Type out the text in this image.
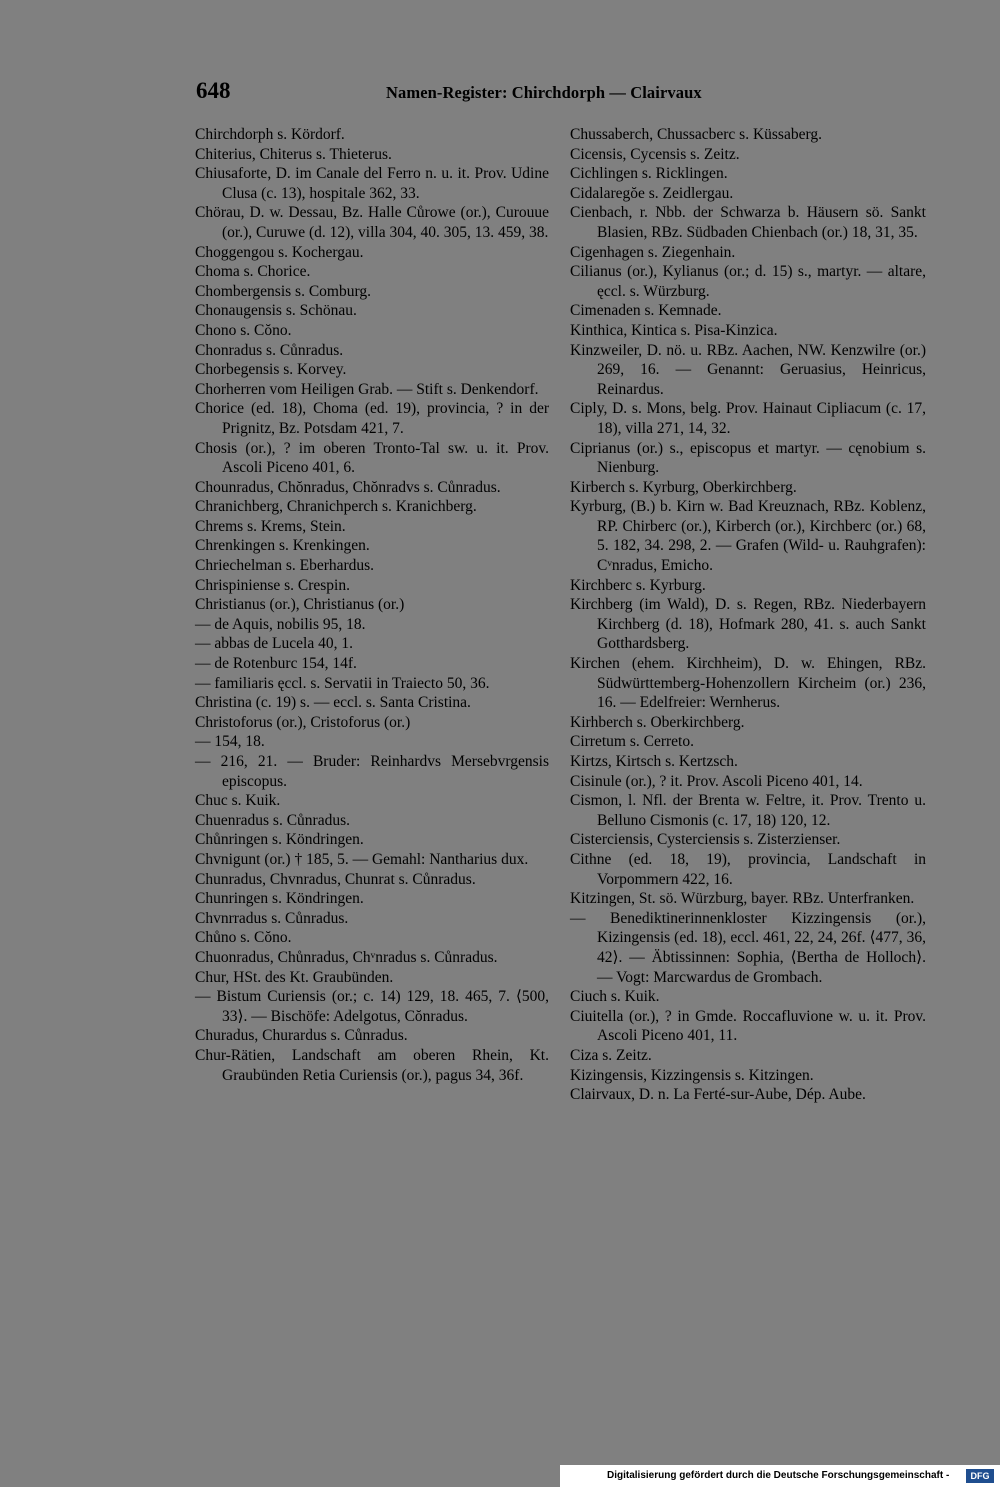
648	Namen-Register: Chirchdorph — Clairvaux
Chirchdorph s. Kördorf.
Chiterius, Chiterus s. Thieterus.
Chiusaforte, D. im Canale del Ferro n. u. it. Prov. Udine Clusa (c. 13), hospitale 362, 33.
Chörau, D. w. Dessau, Bz. Halle Cůrowe (or.), Curouue (or.), Curuwe (d. 12), villa 304, 40. 305, 13. 459, 38.
Choggengou s. Kochergau.
Choma s. Chorice.
Chombergensis s. Comburg.
Chonaugensis s. Schönau.
Chono s. Cŏno.
Chonradus s. Cůnradus.
Chorbegensis s. Korvey.
Chorherren vom Heiligen Grab. — Stift s. Denkendorf.
Chorice (ed. 18), Choma (ed. 19), provincia, ? in der Prignitz, Bz. Potsdam 421, 7.
Chosis (or.), ? im oberen Tronto-Tal sw. u. it. Prov. Ascoli Piceno 401, 6.
Chounradus, Chŏnradus, Chŏnradvs s. Cůnradus.
Chranichberg, Chranichperch s. Kranichberg.
Chrems s. Krems, Stein.
Chrenkingen s. Krenkingen.
Chriechelman s. Eberhardus.
Chrispiniense s. Crespin.
Christianus (or.), Christianus (or.)
— de Aquis, nobilis 95, 18.
— abbas de Lucela 40, 1.
— de Rotenburc 154, 14f.
— familiaris ęccl. s. Servatii in Traiecto 50, 36.
Christina (c. 19) s. — eccl. s. Santa Cristina.
Christoforus (or.), Cristoforus (or.)
— 154, 18.
— 216, 21. — Bruder: Reinhardvs Mersebvrgensis episcopus.
Chuc s. Kuik.
Chuenradus s. Cůnradus.
Chůnringen s. Köndringen.
Chvnigunt (or.) † 185, 5. — Gemahl: Nantharius dux.
Chunradus, Chvnradus, Chunrat s. Cůnradus.
Chunringen s. Köndringen.
Chvnrradus s. Cůnradus.
Chůno s. Cŏno.
Chuonradus, Chůnradus, Chᵛnradus s. Cůnradus.
Chur, HSt. des Kt. Graubünden.
— Bistum Curiensis (or.; c. 14) 129, 18. 465, 7. ⟨500, 33⟩. — Bischöfe: Adelgotus, Cŏnradus.
Churadus, Churardus s. Cůnradus.
Chur-Rätien, Landschaft am oberen Rhein, Kt. Graubünden Retia Curiensis (or.), pagus 34, 36f.
Chussaberch, Chussacberc s. Küssaberg.
Cicensis, Cycensis s. Zeitz.
Cichlingen s. Ricklingen.
Cidalaregŏe s. Zeidlergau.
Cienbach, r. Nbb. der Schwarza b. Häusern sö. Sankt Blasien, RBz. Südbaden Chienbach (or.) 18, 31, 35.
Cigenhagen s. Ziegenhain.
Cilianus (or.), Kylianus (or.; d. 15) s., martyr. — altare, ęccl. s. Würzburg.
Cimenaden s. Kemnade.
Kinthica, Kintica s. Pisa-Kinzica.
Kinzweiler, D. nö. u. RBz. Aachen, NW. Kenzwilre (or.) 269, 16. — Genannt: Geruasius, Heinricus, Reinardus.
Ciply, D. s. Mons, belg. Prov. Hainaut Cipliacum (c. 17, 18), villa 271, 14, 32.
Ciprianus (or.) s., episcopus et martyr. — cęnobium s. Nienburg.
Kirberch s. Kyrburg, Oberkirchberg.
Kyrburg, (B.) b. Kirn w. Bad Kreuznach, RBz. Koblenz, RP. Chirberc (or.), Kirberch (or.), Kirchberc (or.) 68, 5. 182, 34. 298, 2. — Grafen (Wild- u. Rauhgrafen): Cᵛnradus, Emicho.
Kirchberc s. Kyrburg.
Kirchberg (im Wald), D. s. Regen, RBz. Niederbayern Kirchberg (d. 18), Hofmark 280, 41. s. auch Sankt Gotthardsberg.
Kirchen (ehem. Kirchheim), D. w. Ehingen, RBz. Südwürttemberg-Hohenzollern Kircheim (or.) 236, 16. — Edelfreier: Wernherus.
Kirhberch s. Oberkirchberg.
Cirretum s. Cerreto.
Kirtzs, Kirtsch s. Kertzsch.
Cisinule (or.), ? it. Prov. Ascoli Piceno 401, 14.
Cismon, l. Nfl. der Brenta w. Feltre, it. Prov. Trento u. Belluno Cismonis (c. 17, 18) 120, 12.
Cisterciensis, Cysterciensis s. Zisterzienser.
Cithne (ed. 18, 19), provincia, Landschaft in Vorpommern 422, 16.
Kitzingen, St. sö. Würzburg, bayer. RBz. Unterfranken.
— Benediktinerinnenkloster Kizzingensis (or.), Kizingensis (ed. 18), eccl. 461, 22, 24, 26f. ⟨477, 36, 42⟩. — Äbtissinnen: Sophia, ⟨Bertha de Holloch⟩. — Vogt: Marcwardus de Grombach.
Ciuch s. Kuik.
Ciuitella (or.), ? in Gmde. Roccafluvione w. u. it. Prov. Ascoli Piceno 401, 11.
Ciza s. Zeitz.
Kizingensis, Kizzingensis s. Kitzingen.
Clairvaux, D. n. La Ferté-sur-Aube, Dép. Aube.
Digitalisierung gefördert durch die Deutsche Forschungsgemeinschaft -	DFG
